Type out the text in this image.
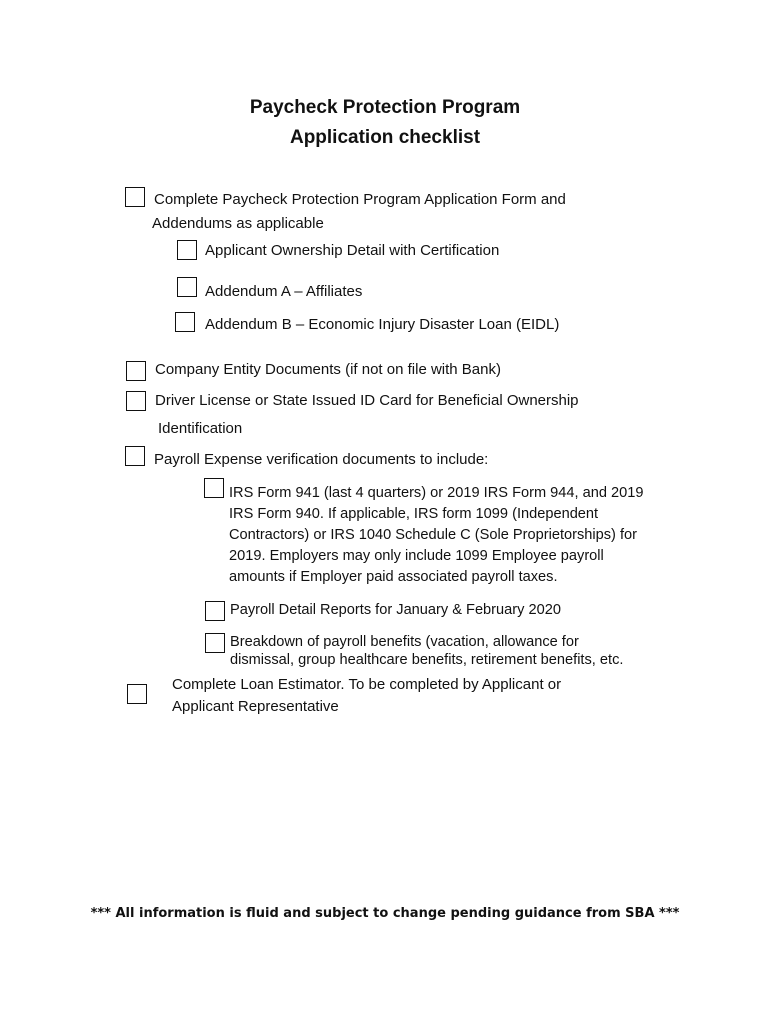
Paycheck Protection Program
Application checklist
Complete Paycheck Protection Program Application Form and
Addendums as applicable
Applicant Ownership Detail with Certification
Addendum A – Affiliates
Addendum B – Economic Injury Disaster Loan (EIDL)
Company Entity Documents (if not on file with Bank)
Driver License or State Issued ID Card for Beneficial Ownership
Identification
Payroll Expense verification documents to include:
IRS Form 941 (last 4 quarters) or 2019 IRS Form 944, and 2019
IRS Form 940. If applicable, IRS form 1099 (Independent
Contractors) or IRS 1040 Schedule C (Sole Proprietorships) for
2019. Employers may only include 1099 Employee payroll
amounts if Employer paid associated payroll taxes.
Payroll Detail Reports for January & February 2020
Breakdown of payroll benefits (vacation, allowance for
dismissal, group healthcare benefits, retirement benefits, etc.
Complete Loan Estimator. To be completed by Applicant or
Applicant Representative
*** All information is fluid and subject to change pending guidance from SBA ***
